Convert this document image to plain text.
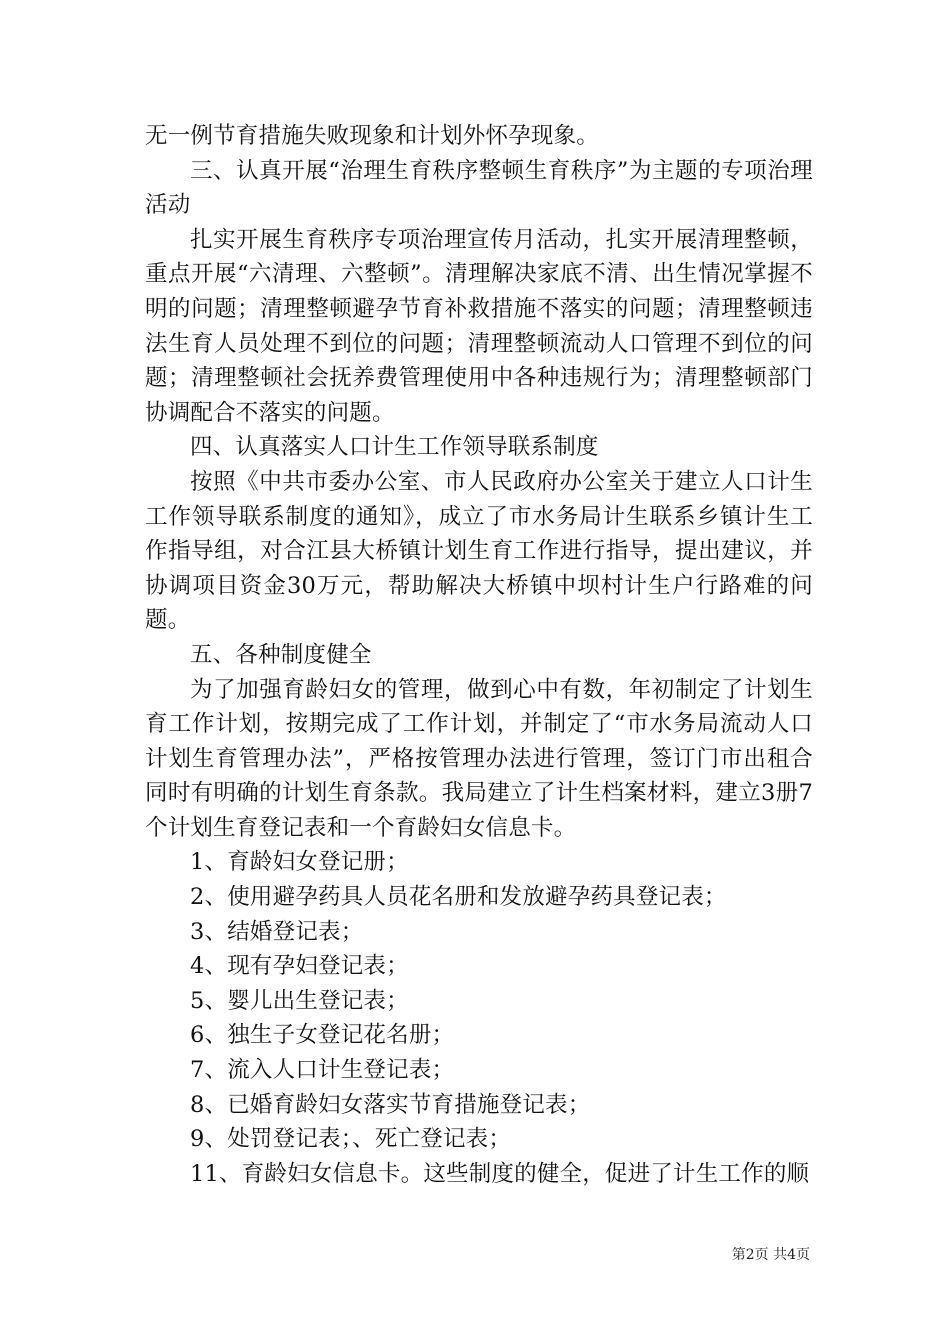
无一例节育措施失败现象和计划外怀孕现象。

三、认真开展“治理生育秩序整顿生育秩序”为主题的专项治理活动

扎实开展生育秩序专项治理宣传月活动，扎实开展清理整顿，重点开展“六清理、六整顿”。清理解决家底不清、出生情况掌握不明的问题；清理整顿避孕节育补救措施不落实的问题；清理整顿违法生育人员处理不到位的问题；清理整顿流动人口管理不到位的问题；清理整顿社会抚养费管理使用中各种违规行为；清理整顿部门协调配合不落实的问题。

四、认真落实人口计生工作领导联系制度

按照《中共市委办公室、市人民政府办公室关于建立人口计生工作领导联系制度的通知》，成立了市水务局计生联系乡镇计生工作指导组，对合江县大桥镇计划生育工作进行指导，提出建议，并协调项目资金30万元，帮助解决大桥镇中坝村计生户行路难的问题。

五、各种制度健全

为了加强育龄妇女的管理，做到心中有数，年初制定了计划生育工作计划，按期完成了工作计划，并制定了“市水务局流动人口计划生育管理办法”，严格按管理办法进行管理，签订门市出租合同时有明确的计划生育条款。我局建立了计生档案材料，建立3册7个计划生育登记表和一个育龄妇女信息卡。

1、育龄妇女登记册；

2、使用避孕药具人员花名册和发放避孕药具登记表；

3、结婚登记表；

4、现有孕妇登记表；

5、婴儿出生登记表；

6、独生子女登记花名册；

7、流入人口计生登记表；

8、已婚育龄妇女落实节育措施登记表；

9、处罚登记表；、死亡登记表；

11、育龄妇女信息卡。这些制度的健全，促进了计生工作的顺

第2页 共4页
